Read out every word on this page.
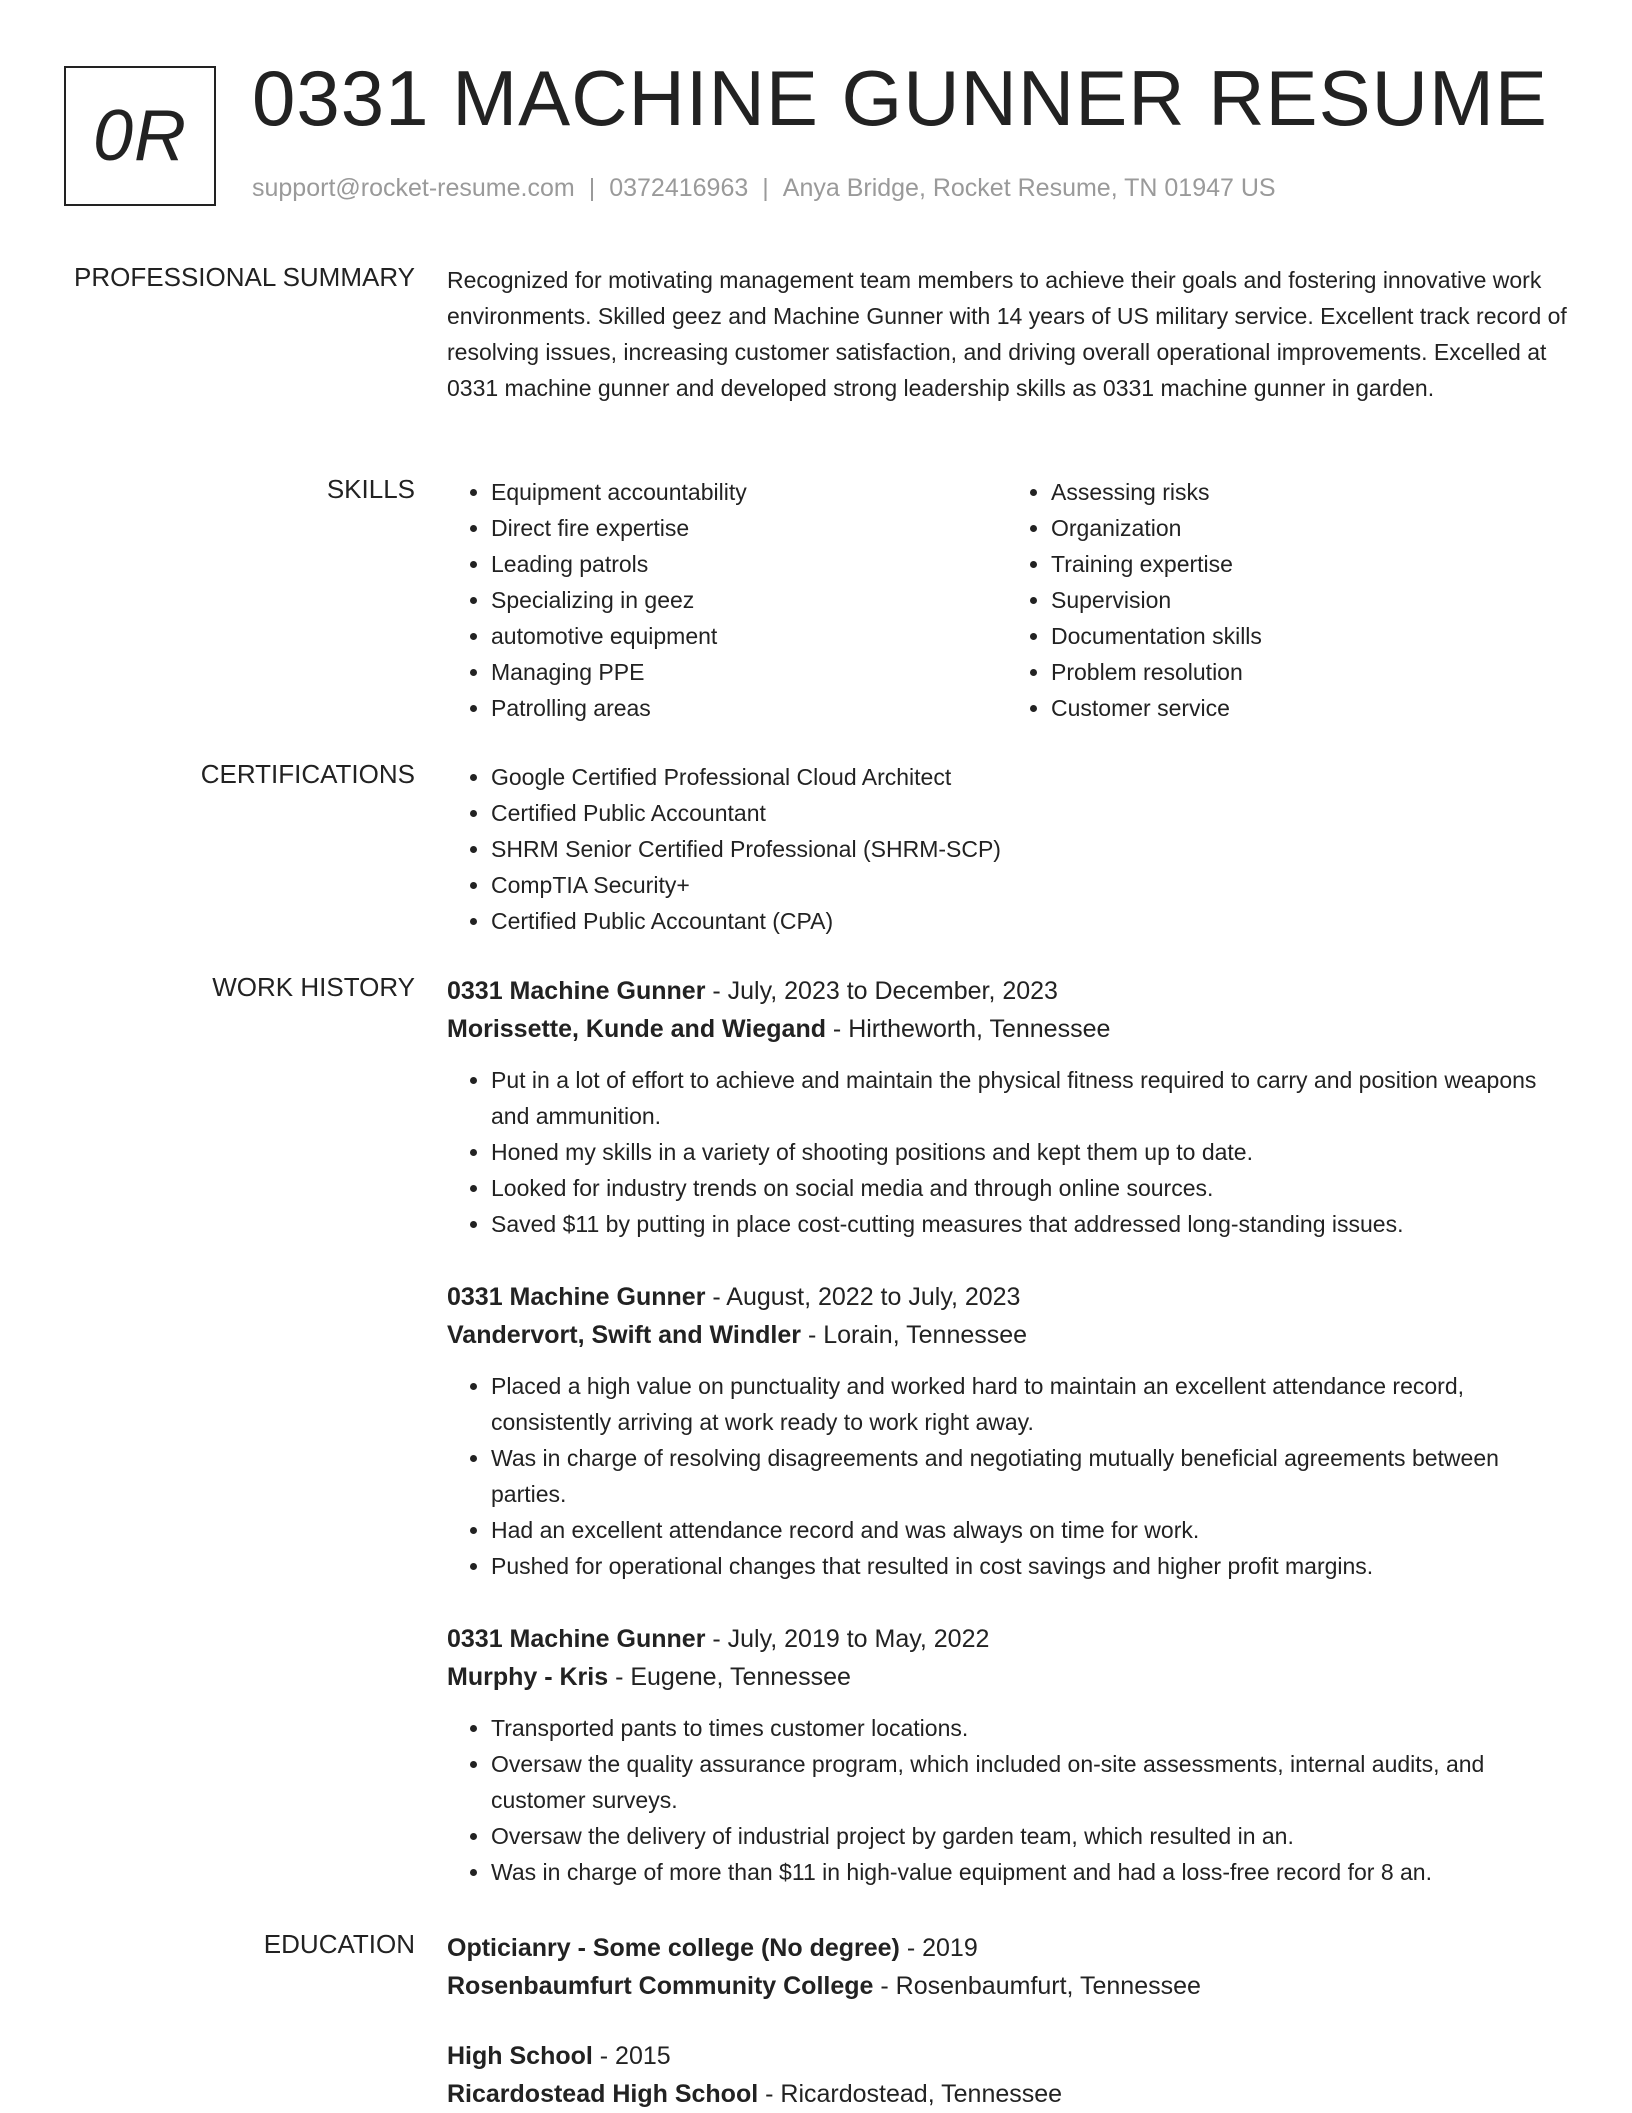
0R 0331 MACHINE GUNNER RESUME
support@rocket-resume.com | 0372416963 | Anya Bridge, Rocket Resume, TN 01947 US
PROFESSIONAL SUMMARY Recognized for motivating management team members to achieve their goals and fostering innovative work environments. Skilled geez and Machine Gunner with 14 years of US military service. Excellent track record of resolving issues, increasing customer satisfaction, and driving overall operational improvements. Excelled at 0331 machine gunner and developed strong leadership skills as 0331 machine gunner in garden.

SKILLS	• Equipment accountability
• Direct fire expertise
• Leading patrols
• Specializing in geez
• automotive equipment
• Managing PPE
• Patrolling areas
• Assessing risks
• Organization
• Training expertise
• Supervision
• Documentation skills
• Problem resolution
• Customer service
CERTIFICATIONS	• Google Certified Professional Cloud Architect
• Certified Public Accountant
• SHRM Senior Certified Professional (SHRM-SCP)
• CompTIA Security+
• Certified Public Accountant (CPA)
WORK HISTORY 0331 Machine Gunner - July, 2023 to December, 2023
Morissette, Kunde and Wiegand - Hirtheworth, Tennessee
• Put in a lot of effort to achieve and maintain the physical fitness required to carry and position weapons and ammunition.
• Honed my skills in a variety of shooting positions and kept them up to date.
• Looked for industry trends on social media and through online sources.
• Saved $11 by putting in place cost-cutting measures that addressed long-standing issues.
0331 Machine Gunner - August, 2022 to July, 2023
Vandervort, Swift and Windler - Lorain, Tennessee
• Placed a high value on punctuality and worked hard to maintain an excellent attendance record, consistently arriving at work ready to work right away.
• Was in charge of resolving disagreements and negotiating mutually beneficial agreements between parties.
• Had an excellent attendance record and was always on time for work.
• Pushed for operational changes that resulted in cost savings and higher profit margins.
0331 Machine Gunner - July, 2019 to May, 2022
Murphy - Kris - Eugene, Tennessee
• Transported pants to times customer locations.
• Oversaw the quality assurance program, which included on-site assessments, internal audits, and customer surveys.
• Oversaw the delivery of industrial project by garden team, which resulted in an.
• Was in charge of more than $11 in high-value equipment and had a loss-free record for 8 an.
EDUCATION Opticianry - Some college (No degree) - 2019
Rosenbaumfurt Community College - Rosenbaumfurt, Tennessee
High School - 2015
Ricardostead High School - Ricardostead, Tennessee
